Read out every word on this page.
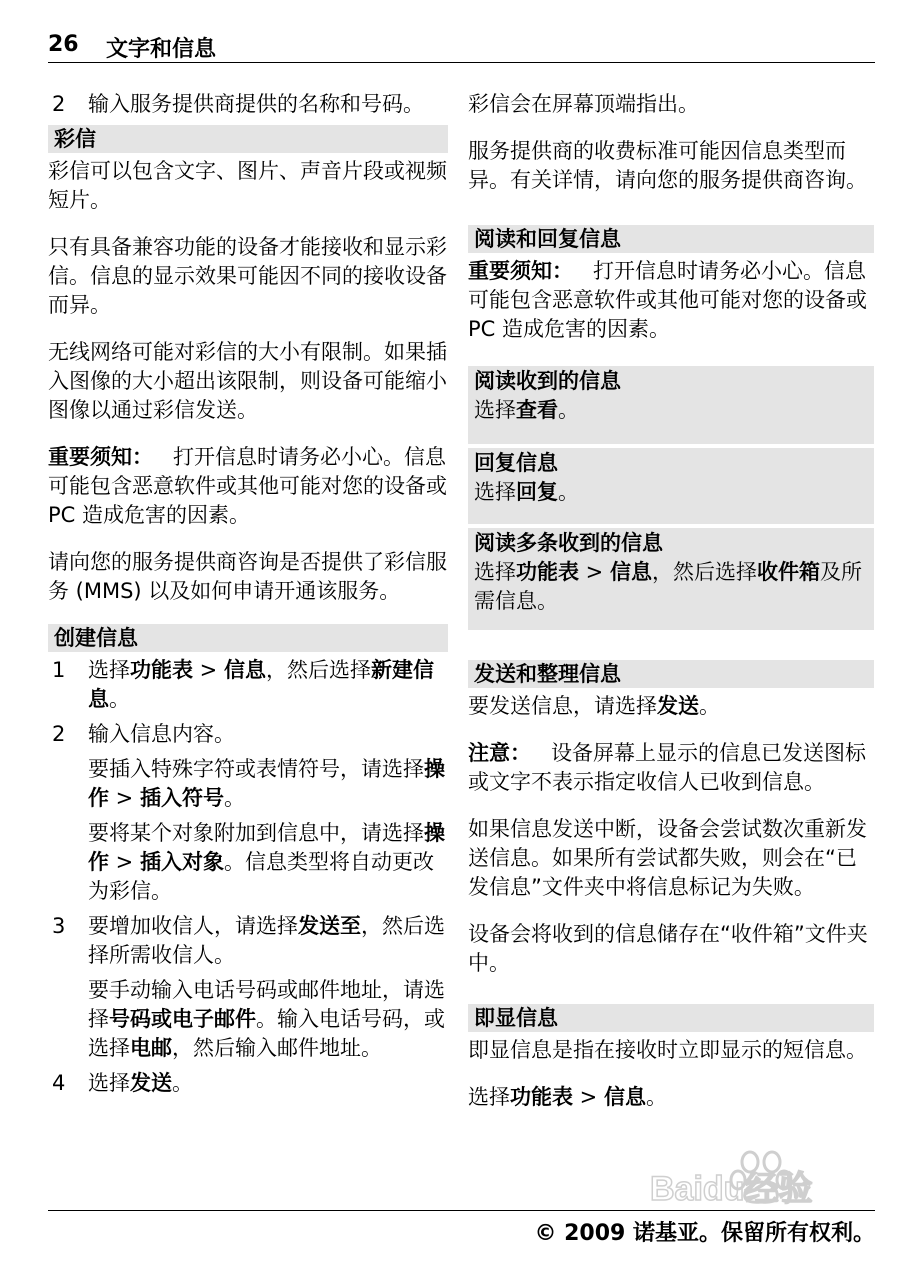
26 文字和信息
2 输入服务提供商提供的名称和号码。

彩信

彩信可以包含文字、图片、声音片段或视频短片。

只有具备兼容功能的设备才能接收和显示彩信。信息的显示效果可能因不同的接收设备而异。

无线网络可能对彩信的大小有限制。如果插入图像的大小超出该限制，则设备可能缩小图像以通过彩信发送。

重要须知： 打开信息时请务必小心。信息可能包含恶意软件或其他可能对您的设备或 PC 造成危害的因素。

请向您的服务提供商咨询是否提供了彩信服务 (MMS) 以及如何申请开通该服务。

创建信息
1 选择功能表 > 信息，然后选择新建信息。

2 输入信息内容。

要插入特殊字符或表情符号，请选择操作 > 插入符号。

要将某个对象附加到信息中，请选择操作 > 插入对象。信息类型将自动更改为彩信。

3 要增加收信人，请选择发送至，然后选择所需收信人。

要手动输入电话号码或邮件地址，请选择号码或电子邮件。输入电话号码，或选择电邮，然后输入邮件地址。

4 选择发送。

彩信会在屏幕顶端指出。

服务提供商的收费标准可能因信息类型而异。有关详情，请向您的服务提供商咨询。

阅读和回复信息

重要须知： 打开信息时请务必小心。信息可能包含恶意软件或其他可能对您的设备或 PC 造成危害的因素。

阅读收到的信息

选择查看。

回复信息

选择回复。

阅读多条收到的信息

选择功能表 > 信息，然后选择收件箱及所需信息。

发送和整理信息

要发送信息，请选择发送。

注意： 设备屏幕上显示的信息已发送图标或文字不表示指定收信人已收到信息。

如果信息发送中断，设备会尝试数次重新发送信息。如果所有尝试都失败，则会在“已发信息”文件夹中将信息标记为失败。

设备会将收到的信息储存在“收件箱”文件夹中。

即显信息

即显信息是指在接收时立即显示的短信息。

选择功能表 > 信息。

Baidu经验
© 2009 诺基亚。保留所有权利。
